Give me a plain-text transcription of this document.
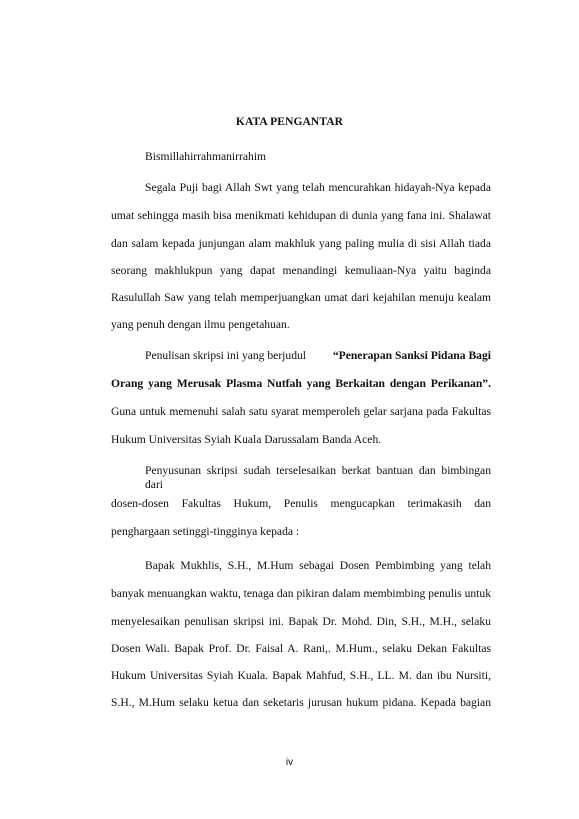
KATA PENGANTAR
Bismillahirrahmanirrahim
Segala Puji bagi Allah Swt yang telah mencurahkan hidayah-Nya kepada
umat sehingga masih bisa menikmati kehidupan di dunia yang fana ini. Shalawat
dan salam kepada junjungan alam makhluk yang paling mulia di sisi Allah tiada
seorang makhlukpun yang dapat menandingi kemuliaan-Nya yaitu baginda
Rasulullah Saw yang telah memperjuangkan umat dari kejahilan menuju kealam
yang penuh dengan ilmu pengetahuan.
Penulisan skripsi ini yang berjudul “Penerapan Sanksi Pidana Bagi
Orang yang Merusak Plasma Nutfah yang Berkaitan dengan Perikanan”.
Guna untuk memenuhi salah satu syarat memperoleh gelar sarjana pada Fakultas
Hukum Universitas Syiah Kuala Darussalam Banda Aceh.
Penyusunan skripsi sudah terselesaikan berkat bantuan dan bimbingan dari
dosen-dosen Fakultas Hukum, Penulis mengucapkan terimakasih dan
penghargaan setinggi-tingginya kepada :
Bapak Mukhlis, S.H., M.Hum sebagai Dosen Pembimbing yang telah
banyak menuangkan waktu, tenaga dan pikiran dalam membimbing penulis untuk
menyelesaikan penulisan skripsi ini. Bapak Dr. Mohd. Din, S.H., M.H., selaku
Dosen Wali. Bapak Prof. Dr. Faisal A. Rani,. M.Hum., selaku Dekan Fakultas
Hukum Universitas Syiah Kuala. Bapak Mahfud, S.H., LL. M. dan ibu Nursiti,
S.H., M.Hum selaku ketua dan seketaris jurusan hukum pidana. Kepada bagian
iv
